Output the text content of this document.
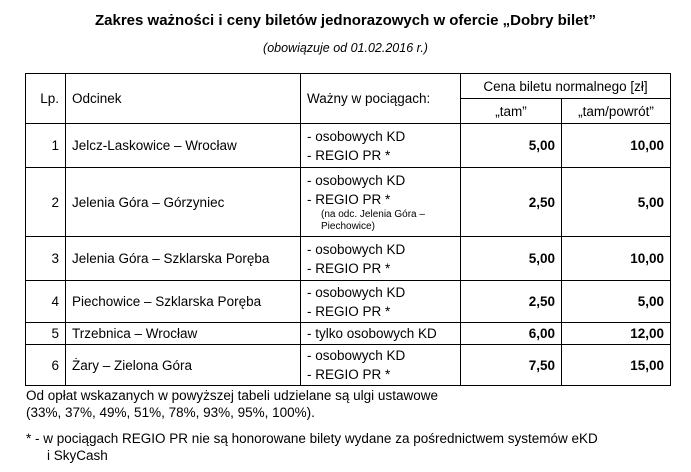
Zakres ważności i ceny biletów jednorazowych w ofercie „Dobry bilet”
(obowiązuje od 01.02.2016 r.)
Lp.	Odcinek	Ważny w pociągach:	Cena biletu normalnego [zł]	
			„tam”	„tam/powrót”
1	Jelcz-Laskowice – Wrocław	- osobowych KD
- REGIO PR *	5,00	10,00
2	Jelenia Góra – Górzyniec	- osobowych KD
- REGIO PR *
(na odc. Jelenia Góra –
Piechowice)	2,50	5,00
3	Jelenia Góra – Szklarska Poręba	- osobowych KD
- REGIO PR *	5,00	10,00
4	Piechowice – Szklarska Poręba	- osobowych KD
- REGIO PR *	2,50	5,00
5	Trzebnica – Wrocław	- tylko osobowych KD	6,00	12,00
6	Żary – Zielona Góra	- osobowych KD
- REGIO PR *	7,50	15,00
Od opłat wskazanych w powyższej tabeli udzielane są ulgi ustawowe
(33%, 37%, 49%, 51%, 78%, 93%, 95%, 100%).
* - w pociągach REGIO PR nie są honorowane bilety wydane za pośrednictwem systemów eKD
i SkyCash
